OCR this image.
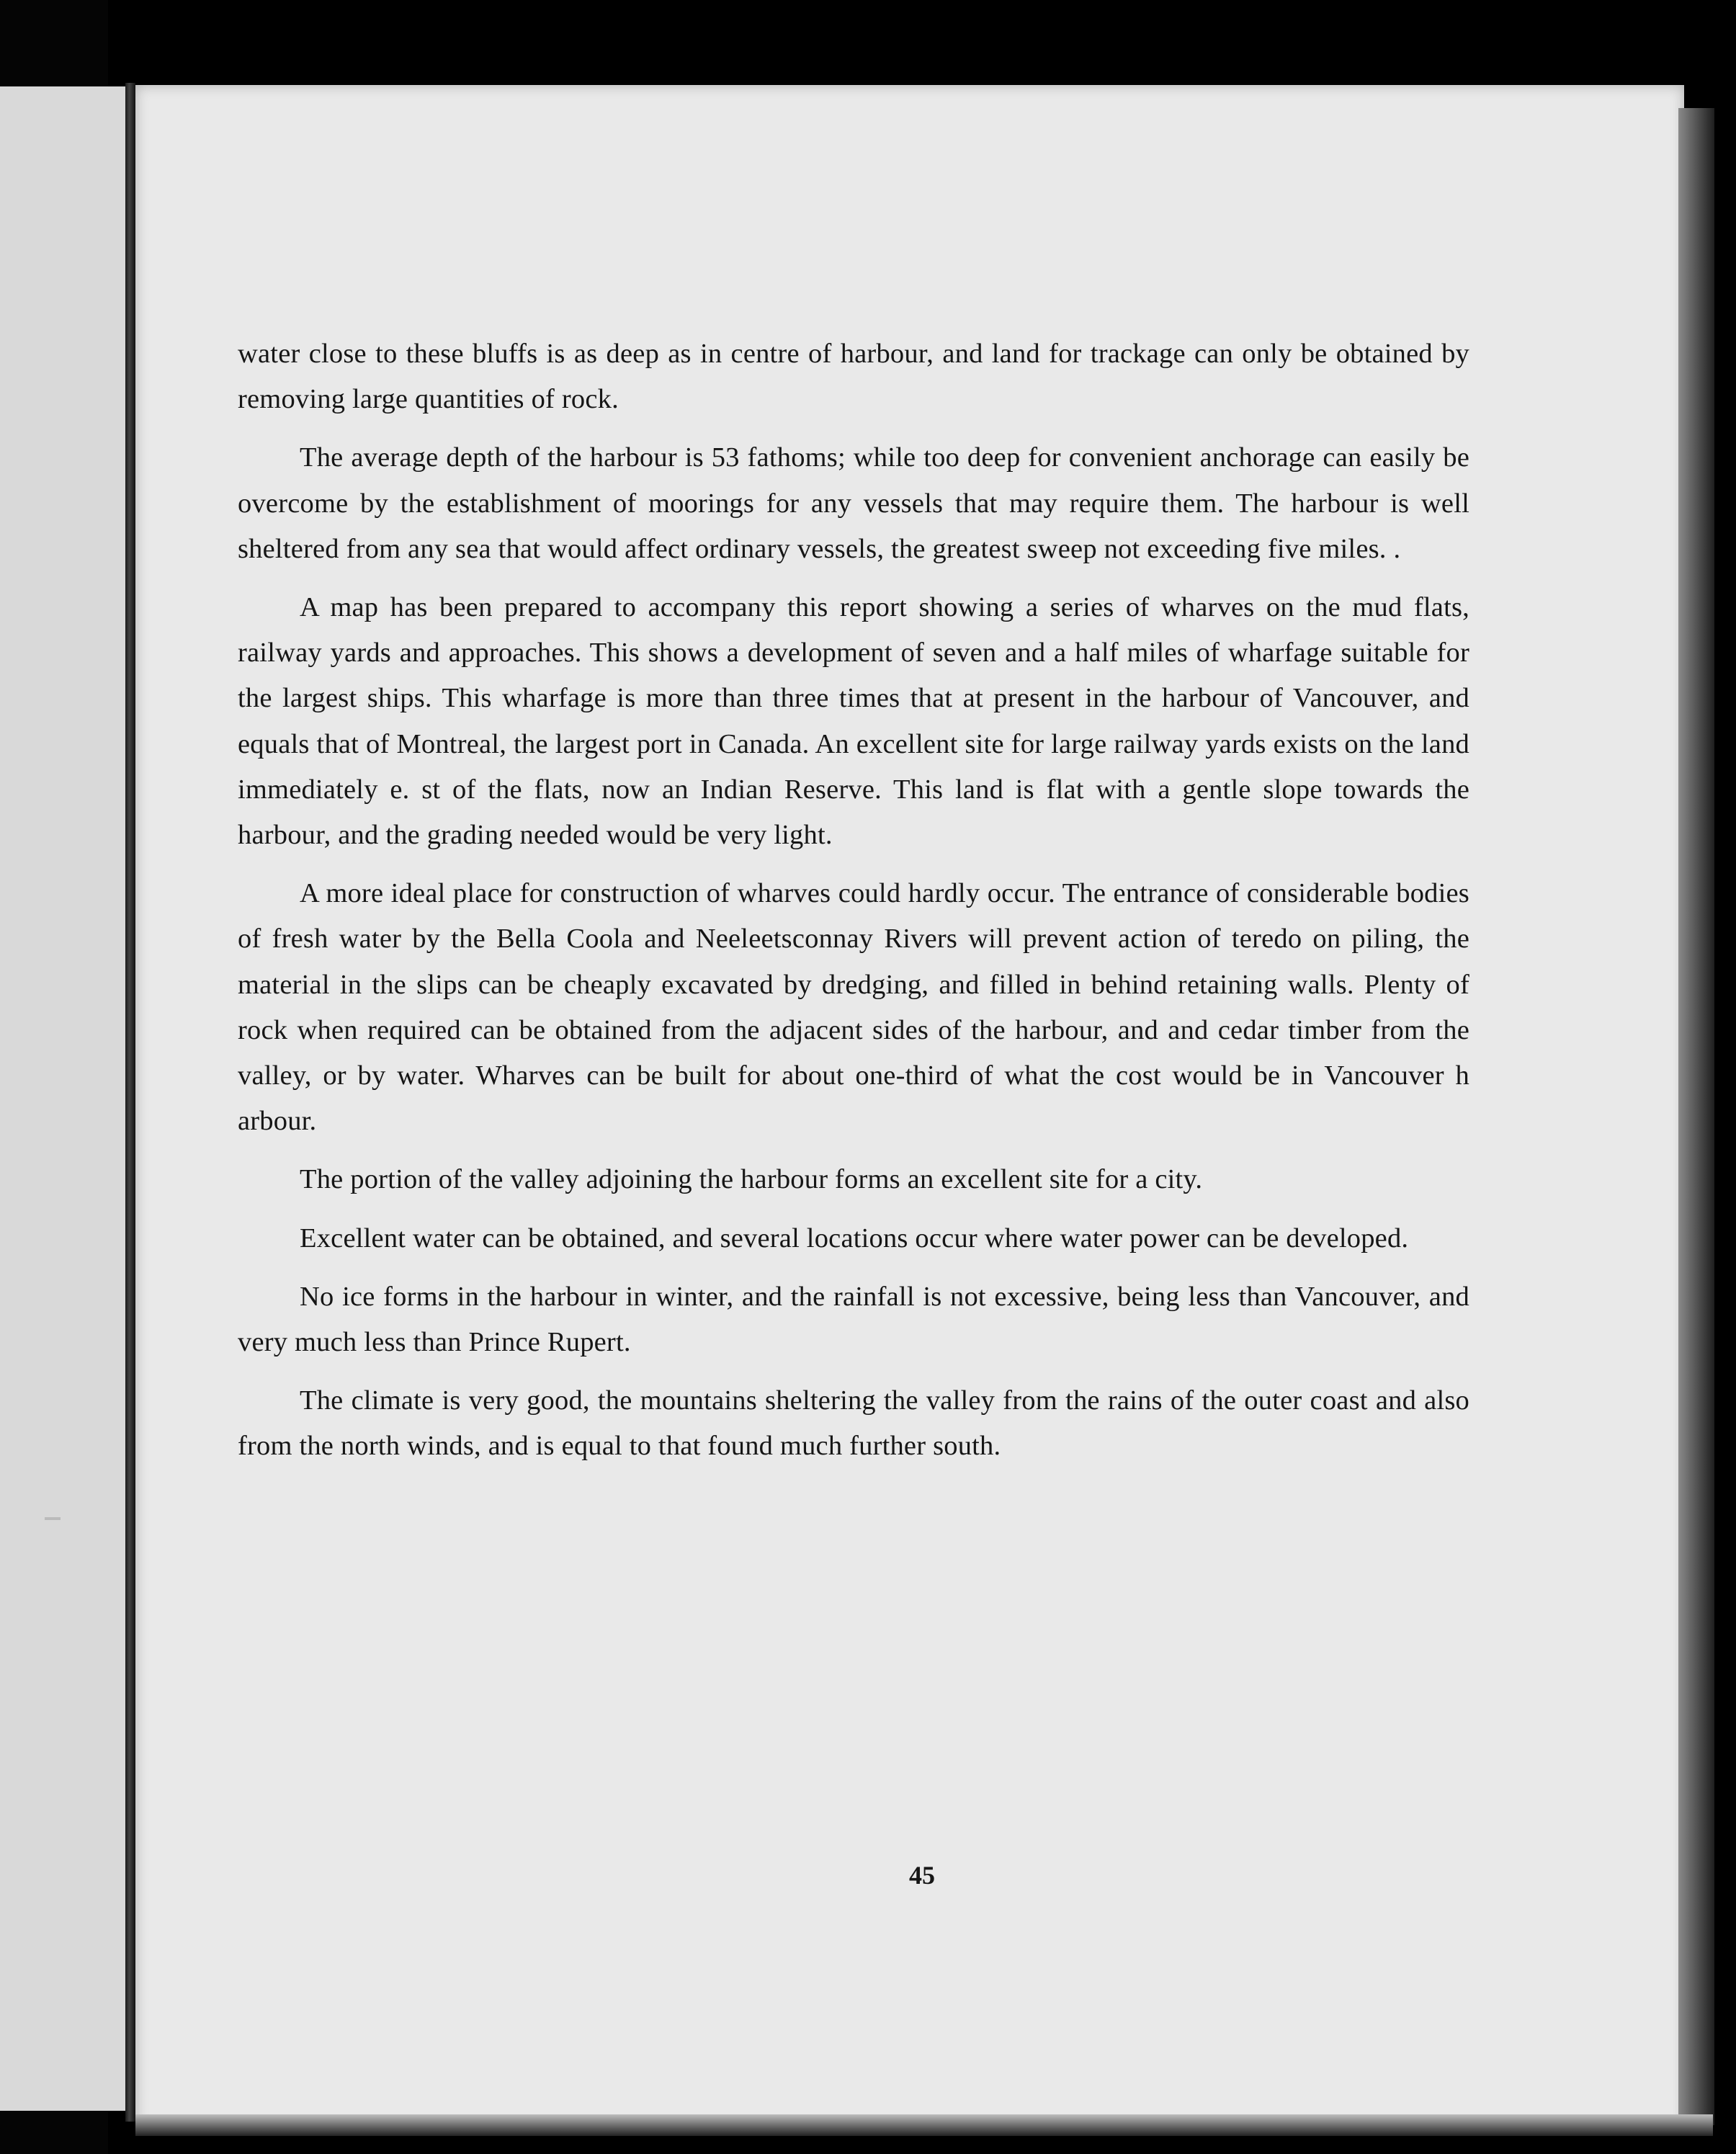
water close to these bluffs is as deep as in centre of harbour, and land for trackage can only be obtained by removing large quantities of rock.

The average depth of the harbour is 53 fathoms; while too deep for convenient anchorage can easily be overcome by the establishment of moorings for any vessels that may require them. The harbour is well sheltered from any sea that would affect ordinary vessels, the greatest sweep not exceeding five miles. .

A map has been prepared to accompany this report showing a series of wharves on the mud flats, railway yards and approaches. This shows a development of seven and a half miles of wharfage suitable for the largest ships. This wharfage is more than three times that at present in the harbour of Vancouver, and equals that of Montreal, the largest port in Canada. An excellent site for large railway yards exists on the land immediately e. st of the flats, now an Indian Reserve. This land is flat with a gentle slope towards the harbour, and the grading needed would be very light.

A more ideal place for construction of wharves could hardly occur. The entrance of considerable bodies of fresh water by the Bella Coola and Neeleetsconnay Rivers will prevent action of teredo on piling, the material in the slips can be cheaply excavated by dredging, and filled in behind retaining walls. Plenty of rock when required can be obtained from the adjacent sides of the harbour, and and cedar timber from the valley, or by water. Wharves can be built for about one-third of what the cost would be in Vancouver h arbour.

The portion of the valley adjoining the harbour forms an excellent site for a city.

Excellent water can be obtained, and several locations occur where water power can be developed.

No ice forms in the harbour in winter, and the rainfall is not excessive, being less than Vancouver, and very much less than Prince Rupert.

The climate is very good, the mountains sheltering the valley from the rains of the outer coast and also from the north winds, and is equal to that found much further south.

45
